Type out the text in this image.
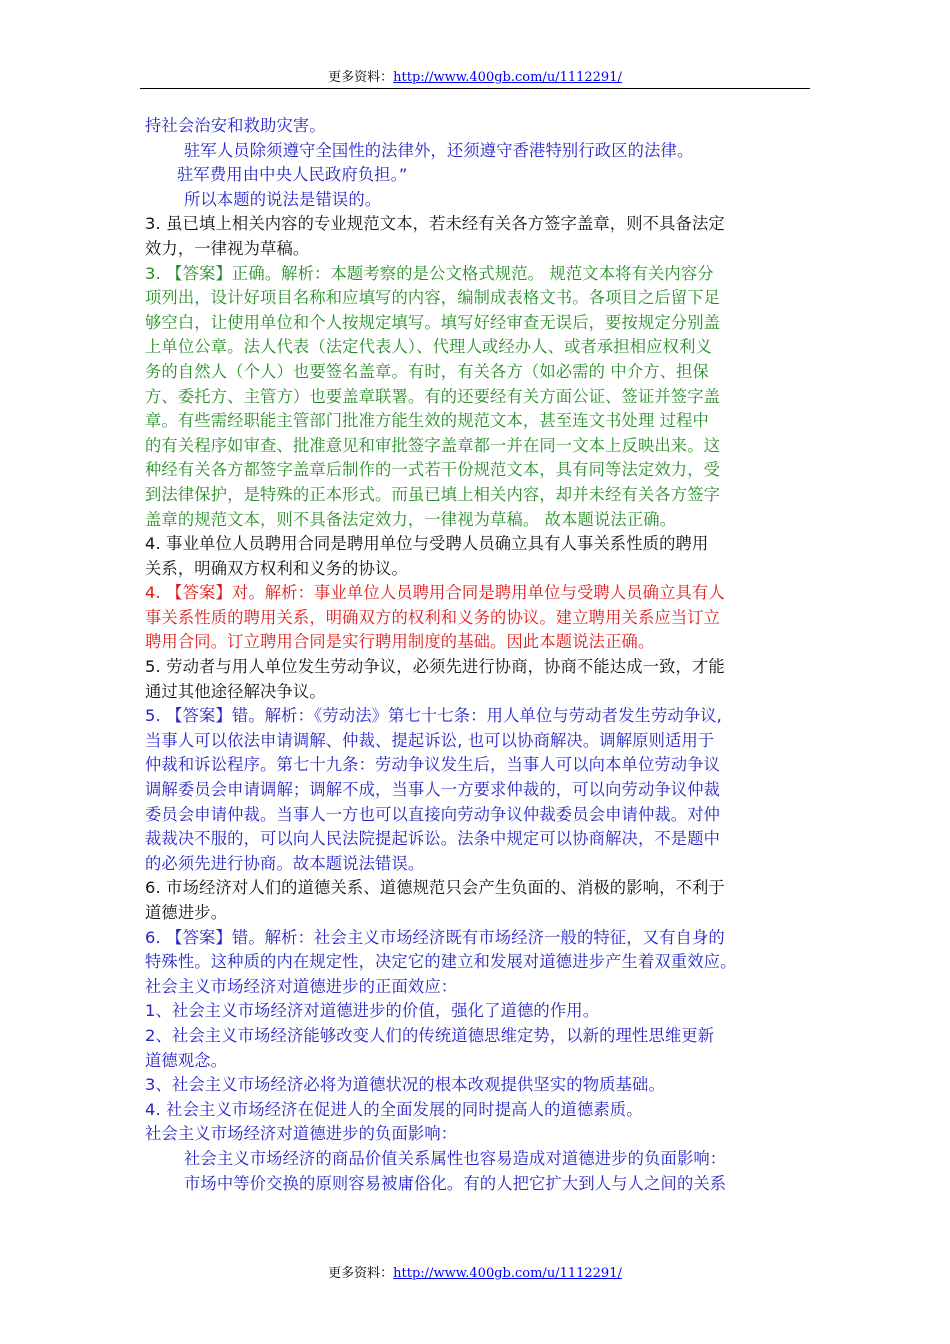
更多资料：http://www.400gb.com/u/1112291/

持社会治安和救助灾害。

驻军人员除须遵守全国性的法律外，还须遵守香港特别行政区的法律。

驻军费用由中央人民政府负担。”

所以本题的说法是错误的。

3. 虽已填上相关内容的专业规范文本，若未经有关各方签字盖章，则不具备法定

效力，一律视为草稿。

3. 【答案】正确。解析：本题考察的是公文格式规范。 规范文本将有关内容分

项列出，设计好项目名称和应填写的内容，编制成表格文书。各项目之后留下足

够空白，让使用单位和个人按规定填写。填写好经审查无误后，要按规定分别盖

上单位公章。法人代表（法定代表人）、代理人或经办人、或者承担相应权利义

务的自然人（个人）也要签名盖章。有时，有关各方（如必需的 中介方、担保

方、委托方、主管方）也要盖章联署。有的还要经有关方面公证、签证并签字盖

章。有些需经职能主管部门批准方能生效的规范文本，甚至连文书处理 过程中

的有关程序如审查、批准意见和审批签字盖章都一并在同一文本上反映出来。这

种经有关各方都签字盖章后制作的一式若干份规范文本，具有同等法定效力，受

到法律保护，是特殊的正本形式。而虽已填上相关内容，却并未经有关各方签字

盖章的规范文本，则不具备法定效力，一律视为草稿。 故本题说法正确。

4. 事业单位人员聘用合同是聘用单位与受聘人员确立具有人事关系性质的聘用

关系，明确双方权利和义务的协议。

4. 【答案】对。解析：事业单位人员聘用合同是聘用单位与受聘人员确立具有人

事关系性质的聘用关系，明确双方的权利和义务的协议。建立聘用关系应当订立

聘用合同。订立聘用合同是实行聘用制度的基础。因此本题说法正确。

5. 劳动者与用人单位发生劳动争议，必须先进行协商，协商不能达成一致，才能

通过其他途径解决争议。

5. 【答案】错。解析：《劳动法》第七十七条：用人单位与劳动者发生劳动争议,

当事人可以依法申请调解、仲裁、提起诉讼, 也可以协商解决。调解原则适用于

仲裁和诉讼程序。第七十九条：劳动争议发生后，当事人可以向本单位劳动争议

调解委员会申请调解；调解不成，当事人一方要求仲裁的，可以向劳动争议仲裁

委员会申请仲裁。当事人一方也可以直接向劳动争议仲裁委员会申请仲裁。对仲

裁裁决不服的，可以向人民法院提起诉讼。法条中规定可以协商解决，不是题中

的必须先进行协商。故本题说法错误。

6. 市场经济对人们的道德关系、道德规范只会产生负面的、消极的影响，不利于

道德进步。

6. 【答案】错。解析：社会主义市场经济既有市场经济一般的特征，又有自身的

特殊性。这种质的内在规定性，决定它的建立和发展对道德进步产生着双重效应。

社会主义市场经济对道德进步的正面效应：

1、社会主义市场经济对道德进步的价值，强化了道德的作用。

2、社会主义市场经济能够改变人们的传统道德思维定势，以新的理性思维更新

道德观念。

3、社会主义市场经济必将为道德状况的根本改观提供坚实的物质基础。

4. 社会主义市场经济在促进人的全面发展的同时提高人的道德素质。

社会主义市场经济对道德进步的负面影响：

社会主义市场经济的商品价值关系属性也容易造成对道德进步的负面影响：

市场中等价交换的原则容易被庸俗化。有的人把它扩大到人与人之间的关系

更多资料：http://www.400gb.com/u/1112291/
